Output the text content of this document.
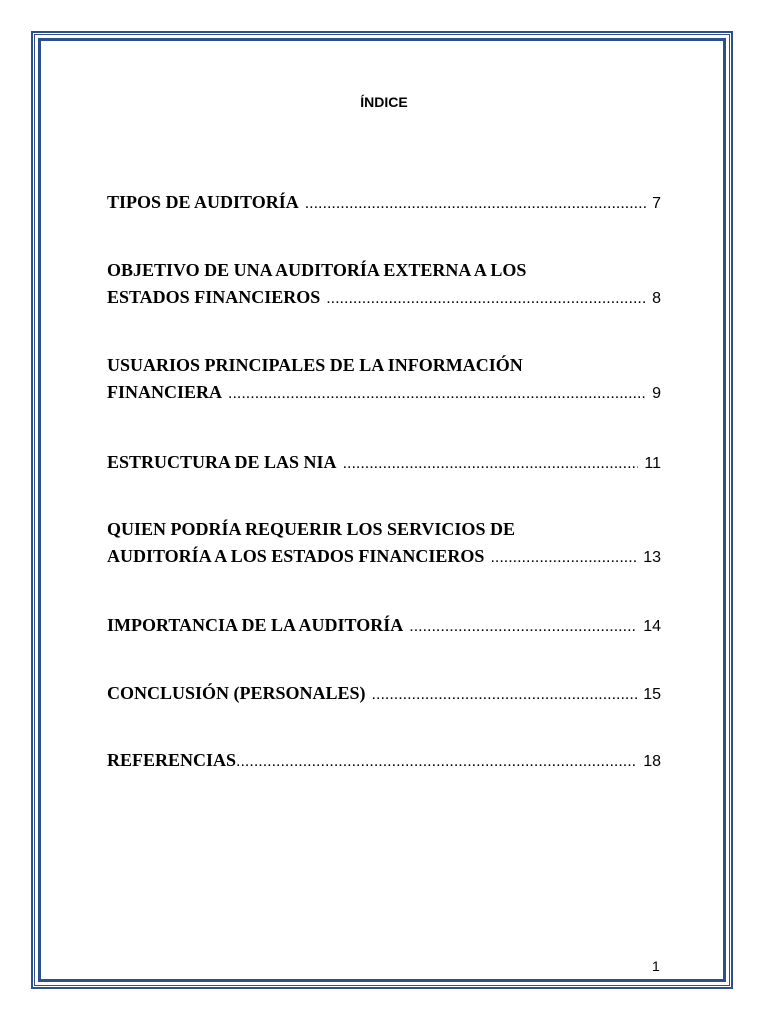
ÍNDICE
TIPOS DE AUDITORÍA .....	7
OBJETIVO DE UNA AUDITORÍA EXTERNA A LOS
ESTADOS FINANCIEROS .....	8
USUARIOS PRINCIPALES DE LA INFORMACIÓN
FINANCIERA .....	9
ESTRUCTURA DE LAS NIA .....	11
QUIEN PODRÍA REQUERIR LOS SERVICIOS DE
AUDITORÍA A LOS ESTADOS FINANCIEROS .....	13
IMPORTANCIA DE LA AUDITORÍA .....	14
CONCLUSIÓN (PERSONALES) .....	15
REFERENCIAS .....	18
1
